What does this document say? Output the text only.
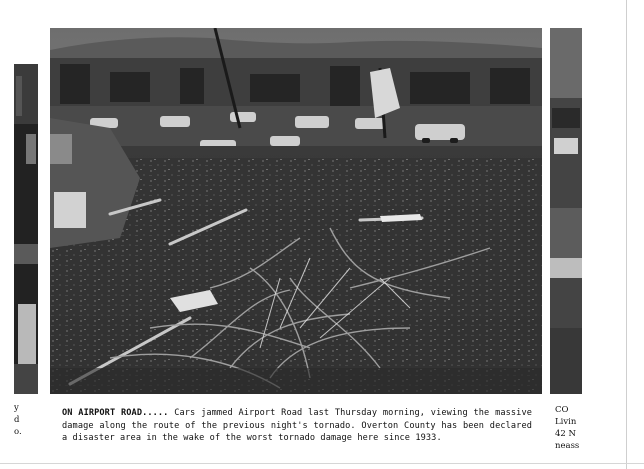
y
d
o.
CO
Livin
42 N
neass
ON AIRPORT ROAD..... Cars jammed Airport Road last Thursday morning, viewing the massive damage along the route of the previous night's tornado. Overton County has been declared a disaster area in the wake of the worst tornado damage here since 1933.
